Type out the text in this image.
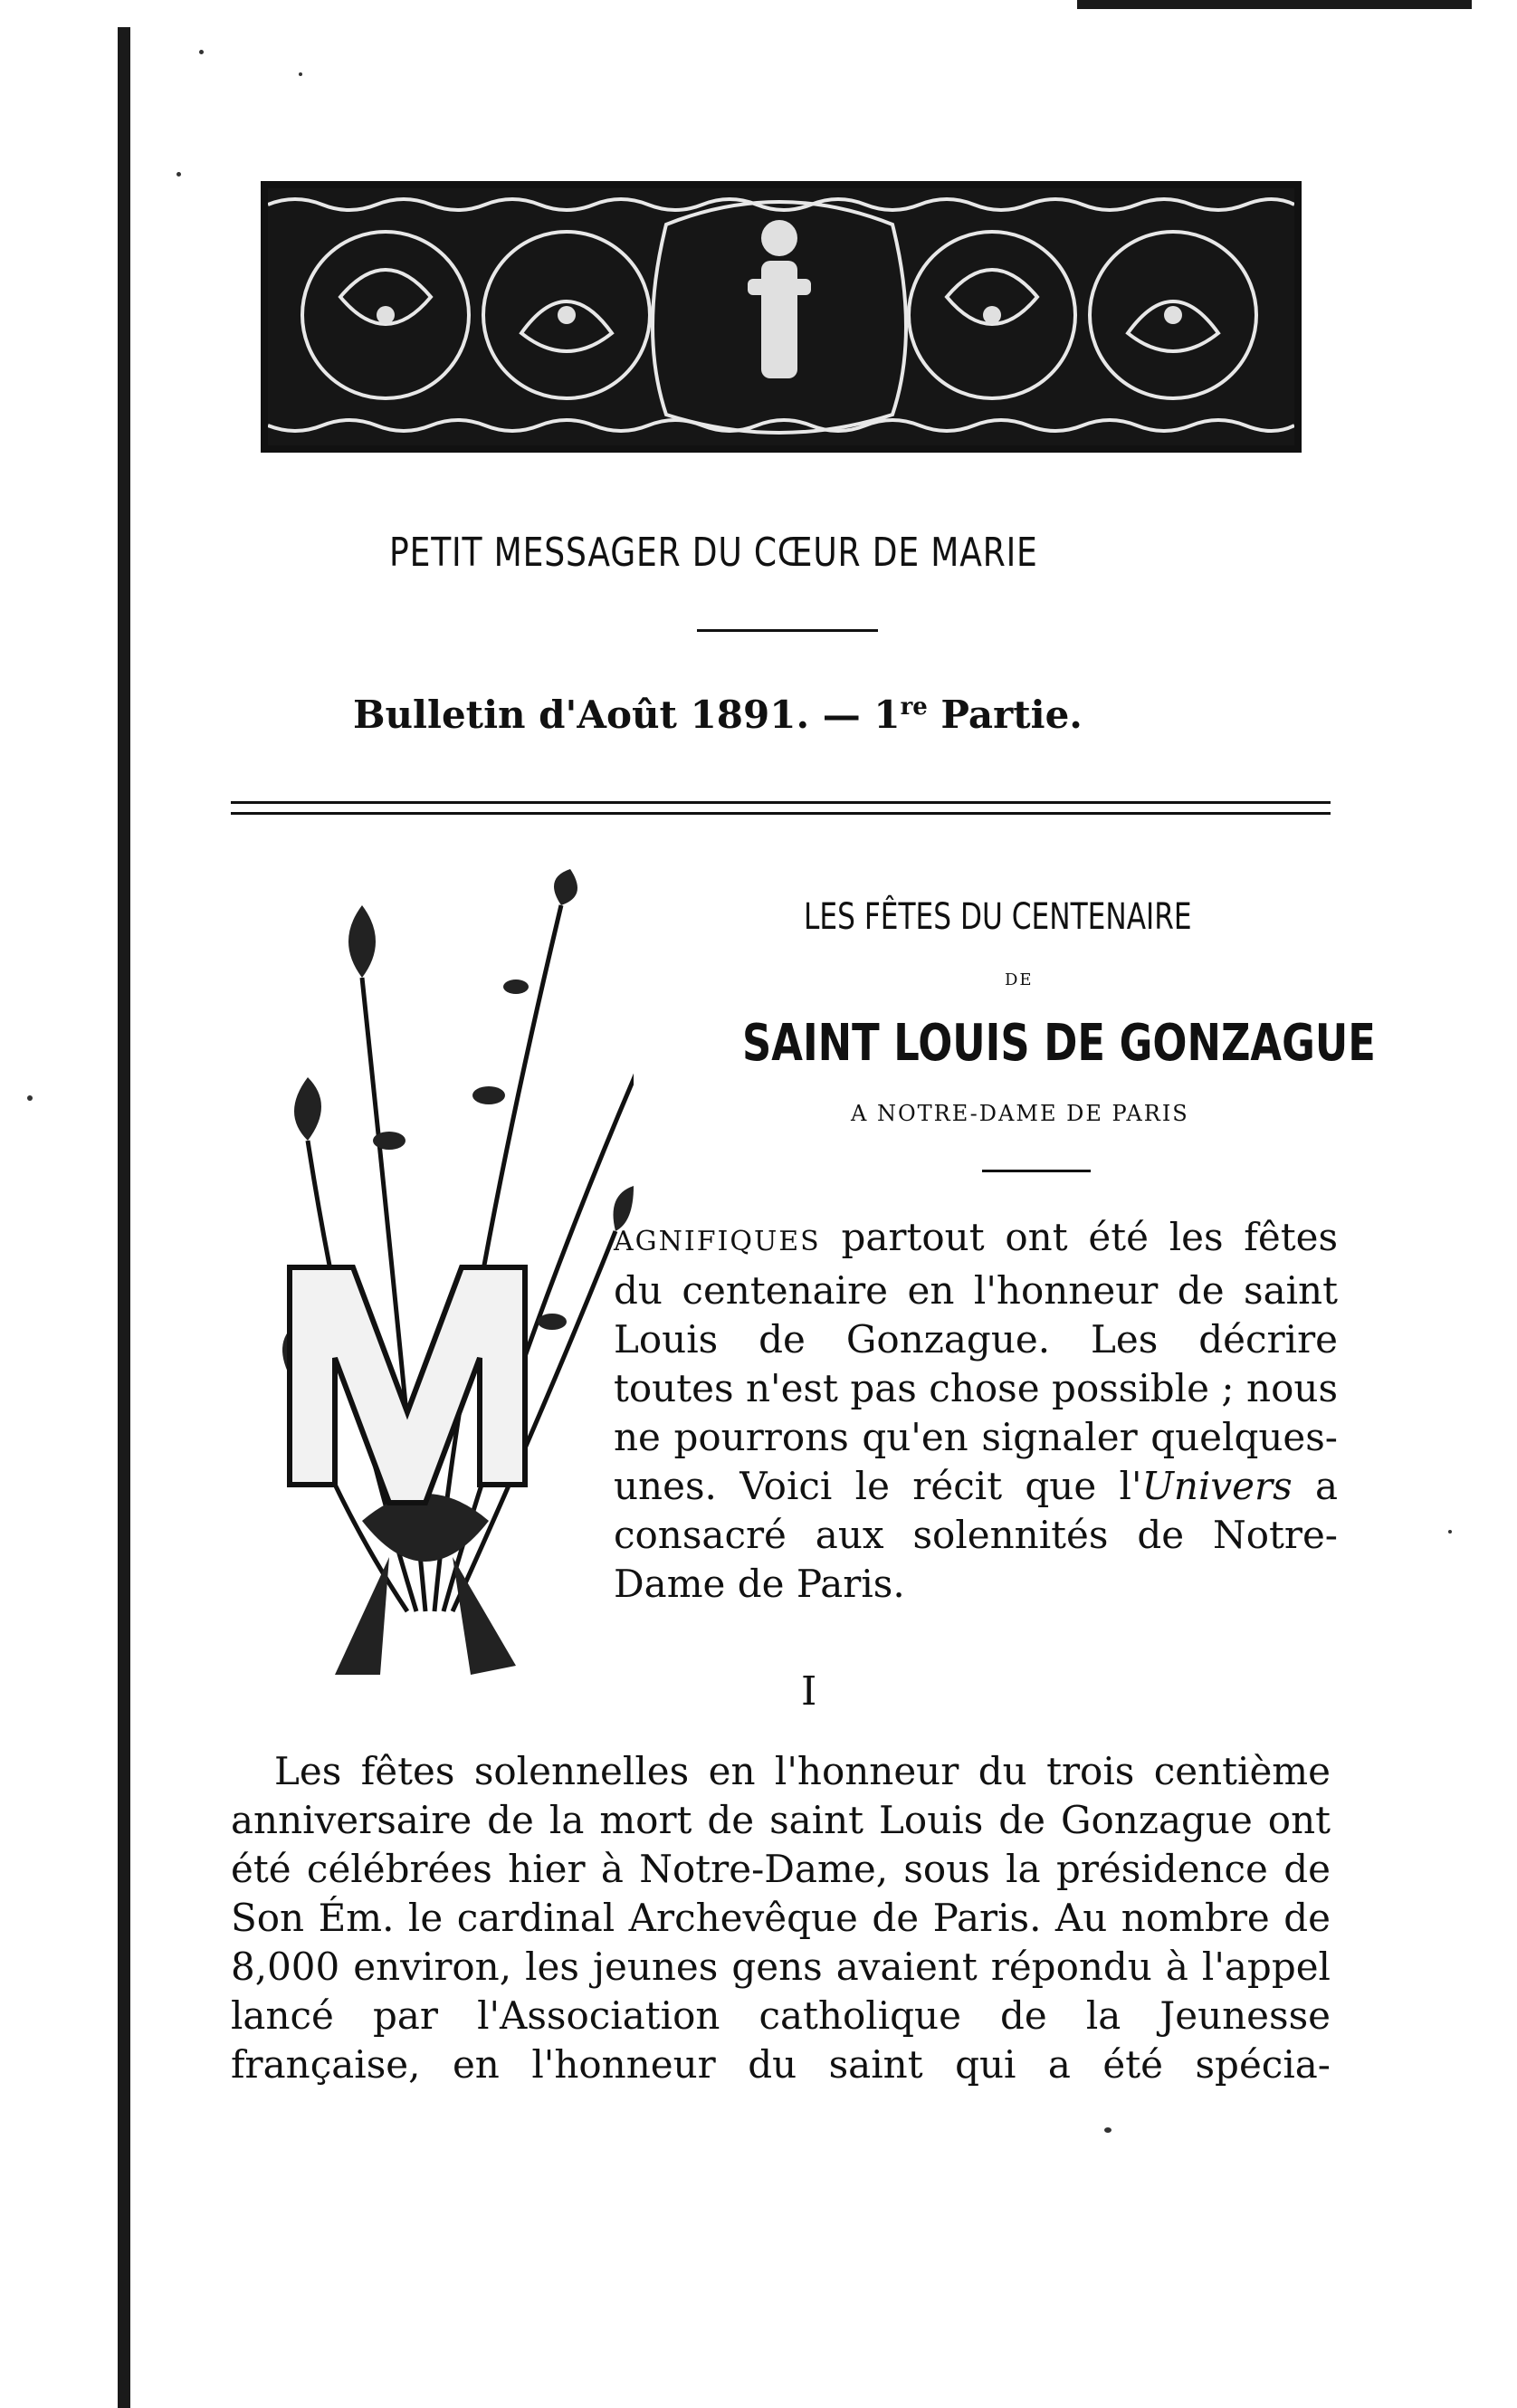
PETIT MESSAGER DU CŒUR DE MARIE
Bulletin d'Août 1891. — 1re Partie.
LES FÊTES DU CENTENAIRE
DE
SAINT LOUIS DE GONZAGUE
A NOTRE-DAME DE PARIS
AGNIFIQUES partout ont été les fêtes du centenaire en l'honneur de saint Louis de Gonzague. Les décrire toutes n'est pas chose possible ; nous ne pourrons qu'en signaler quelques-unes. Voici le récit que l'Univers a consacré aux solennités de Notre-Dame de Paris.
I
Les fêtes solennelles en l'honneur du trois centième anniversaire de la mort de saint Louis de Gonzague ont été célébrées hier à Notre-Dame, sous la présidence de Son Ém. le cardinal Archevêque de Paris. Au nombre de 8,000 environ, les jeunes gens avaient répondu à l'appel lancé par l'Association catholique de la Jeunesse française, en l'honneur du saint qui a été spécia-
